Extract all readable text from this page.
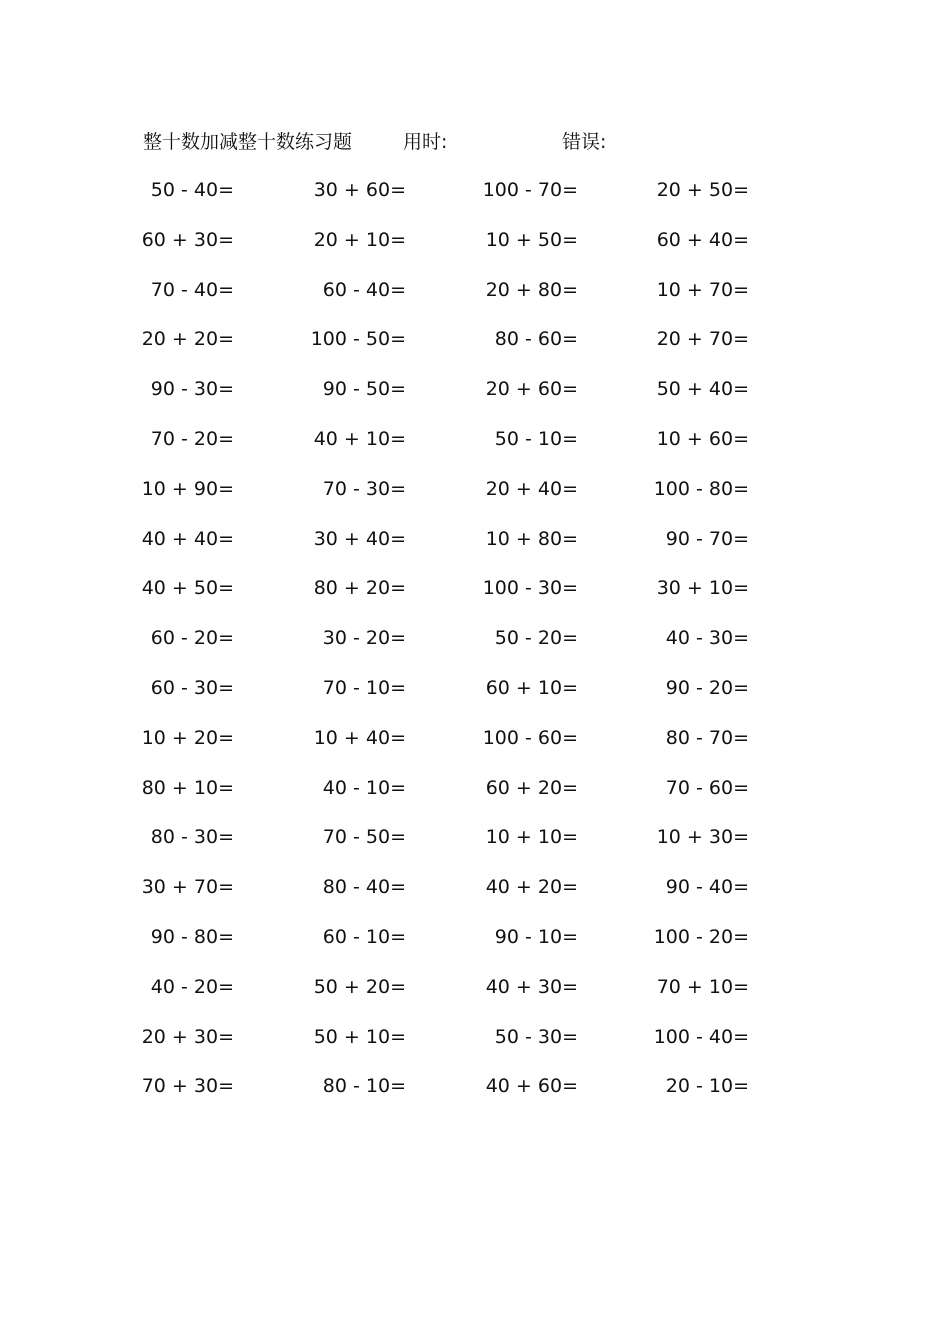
整十数加减整十数练习题	用时:	错误:
50 - 40=	30 + 60=	100 - 70=	20 + 50=
60 + 30=	20 + 10=	10 + 50=	60 + 40=
70 - 40=	60 - 40=	20 + 80=	10 + 70=
20 + 20=	100 - 50=	80 - 60=	20 + 70=
90 - 30=	90 - 50=	20 + 60=	50 + 40=
70 - 20=	40 + 10=	50 - 10=	10 + 60=
10 + 90=	70 - 30=	20 + 40=	100 - 80=
40 + 40=	30 + 40=	10 + 80=	90 - 70=
40 + 50=	80 + 20=	100 - 30=	30 + 10=
60 - 20=	30 - 20=	50 - 20=	40 - 30=
60 - 30=	70 - 10=	60 + 10=	90 - 20=
10 + 20=	10 + 40=	100 - 60=	80 - 70=
80 + 10=	40 - 10=	60 + 20=	70 - 60=
80 - 30=	70 - 50=	10 + 10=	10 + 30=
30 + 70=	80 - 40=	40 + 20=	90 - 40=
90 - 80=	60 - 10=	90 - 10=	100 - 20=
40 - 20=	50 + 20=	40 + 30=	70 + 10=
20 + 30=	50 + 10=	50 - 30=	100 - 40=
70 + 30=	80 - 10=	40 + 60=	20 - 10=
